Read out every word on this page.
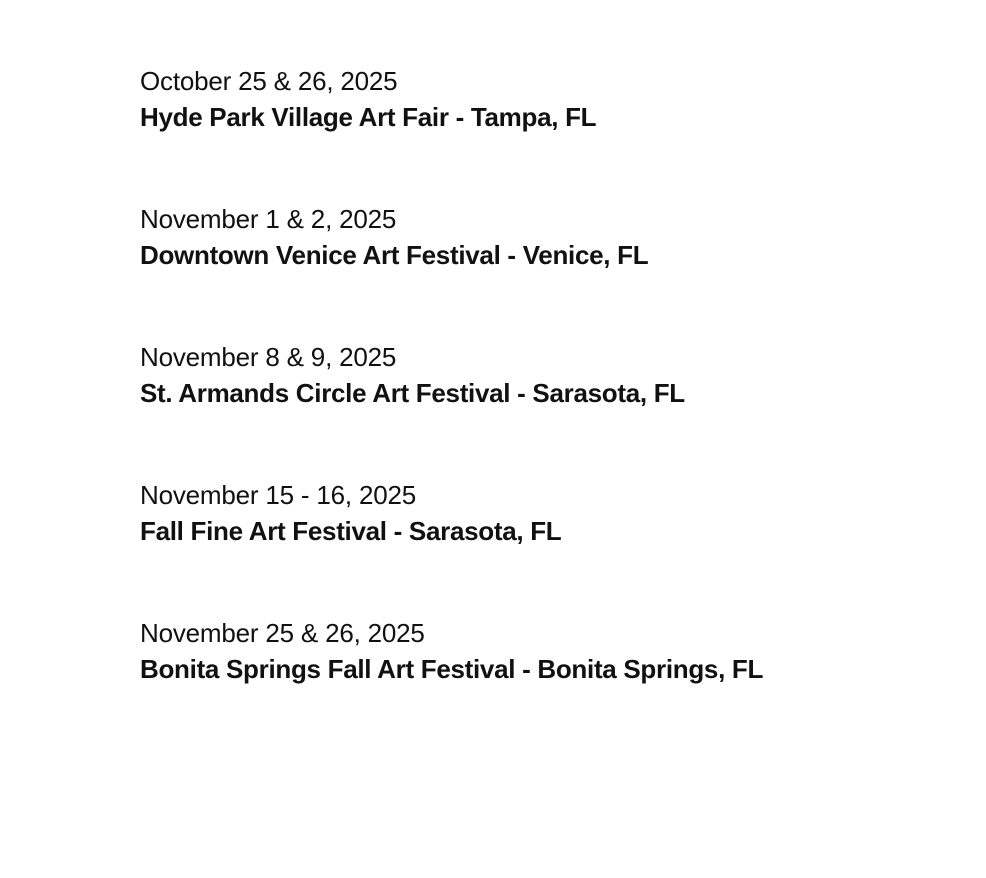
October 25 & 26, 2025
Hyde Park Village Art Fair - Tampa, FL
November 1 & 2, 2025
Downtown Venice Art Festival - Venice, FL
November 8 & 9, 2025
St. Armands Circle Art Festival - Sarasota, FL
November 15 - 16, 2025
Fall Fine Art Festival - Sarasota, FL
November 25 & 26, 2025
Bonita Springs Fall Art Festival - Bonita Springs, FL
